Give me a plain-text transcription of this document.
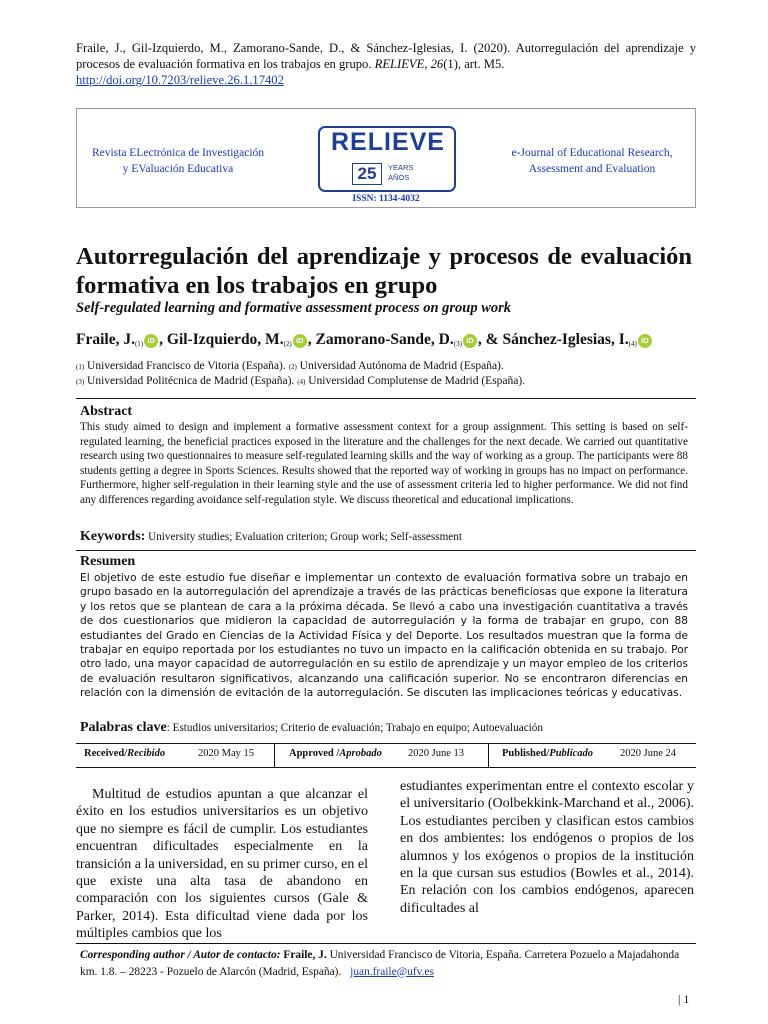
Fraile, J., Gil-Izquierdo, M., Zamorano-Sande, D., & Sánchez-Iglesias, I. (2020). Autorregulación del aprendizaje y procesos de evaluación formativa en los trabajos en grupo. RELIEVE, 26(1), art. M5.
http://doi.org/10.7203/relieve.26.1.17402
Revista ELectrónica de Investigación
y EValuación Educativa
e-Journal of Educational Research,
Assessment and Evaluation
RELIEVE
25	YEARS
AÑOS
ISSN: 1134-4032
Autorregulación del aprendizaje y procesos de evaluación formativa en los trabajos en grupo
Self-regulated learning and formative assessment process on group work
Fraile, $J._{(1)}$ iD , Gil-Izquierdo, $M._{(2)}$ iD , Zamorano-Sande, $D._{(3)}$ iD , & Sánchez-Iglesias, $I._{(4)}$ iD
(1) Universidad Francisco de Vitoria (España). (2) Universidad Autónoma de Madrid (España).
(3) Universidad Politécnica de Madrid (España). (4) Universidad Complutense de Madrid (España).
Abstract
This study aimed to design and implement a formative assessment context for a group assignment. This setting is based on self-regulated learning, the beneficial practices exposed in the literature and the challenges for the next decade. We carried out quantitative research using two questionnaires to measure self-regulated learning skills and the way of working as a group. The participants were 88 students getting a degree in Sports Sciences. Results showed that the reported way of working in groups has no impact on performance. Furthermore, higher self-regulation in their learning style and the use of assessment criteria led to higher performance. We did not find any differences regarding avoidance self-regulation style. We discuss theoretical and educational implications.
Keywords: University studies; Evaluation criterion; Group work; Self-assessment
Resumen
El objetivo de este estudio fue diseñar e implementar un contexto de evaluación formativa sobre un trabajo en grupo basado en la autorregulación del aprendizaje a través de las prácticas beneficiosas que expone la literatura y los retos que se plantean de cara a la próxima década. Se llevó a cabo una investigación cuantitativa a través de dos cuestionarios que midieron la capacidad de autorregulación y la forma de trabajar en grupo, con 88 estudiantes del Grado en Ciencias de la Actividad Física y del Deporte. Los resultados muestran que la forma de trabajar en equipo reportada por los estudiantes no tuvo un impacto en la calificación obtenida en su trabajo. Por otro lado, una mayor capacidad de autorregulación en su estilo de aprendizaje y un mayor empleo de los criterios de evaluación resultaron significativos, alcanzando una calificación superior. No se encontraron diferencias en relación con la dimensión de evitación de la autorregulación. Se discuten las implicaciones teóricas y educativas.
Palabras clave: Estudios universitarios; Criterio de evaluación; Trabajo en equipo; Autoevaluación
Received/Recibido	2020 May 15	Approved /Aprobado 2020 June 13	Published/Publicado	2020 June 24
Multitud de estudios apuntan a que alcanzar el éxito en los estudios universitarios es un objetivo que no siempre es fácil de cumplir. Los estudiantes encuentran dificultades especialmente en la transición a la universidad, en su primer curso, en el que existe una alta tasa de abandono en comparación con los siguientes cursos (Gale & Parker, 2014). Esta dificultad viene dada por los múltiples cambios que los
estudiantes experimentan entre el contexto escolar y el universitario (Oolbekkink-Marchand et al., 2006). Los estudiantes perciben y clasifican estos cambios en dos ambientes: los endógenos o propios de los alumnos y los exógenos o propios de la institución en la que cursan sus estudios (Bowles et al., 2014). En relación con los cambios endógenos, aparecen dificultades al
Corresponding author / Autor de contacto: Fraile, J. Universidad Francisco de Vitoria, España. Carretera Pozuelo a Majadahonda km. 1.8. – 28223 - Pozuelo de Alarcón (Madrid, España). juan.fraile@ufv.es
| 1
